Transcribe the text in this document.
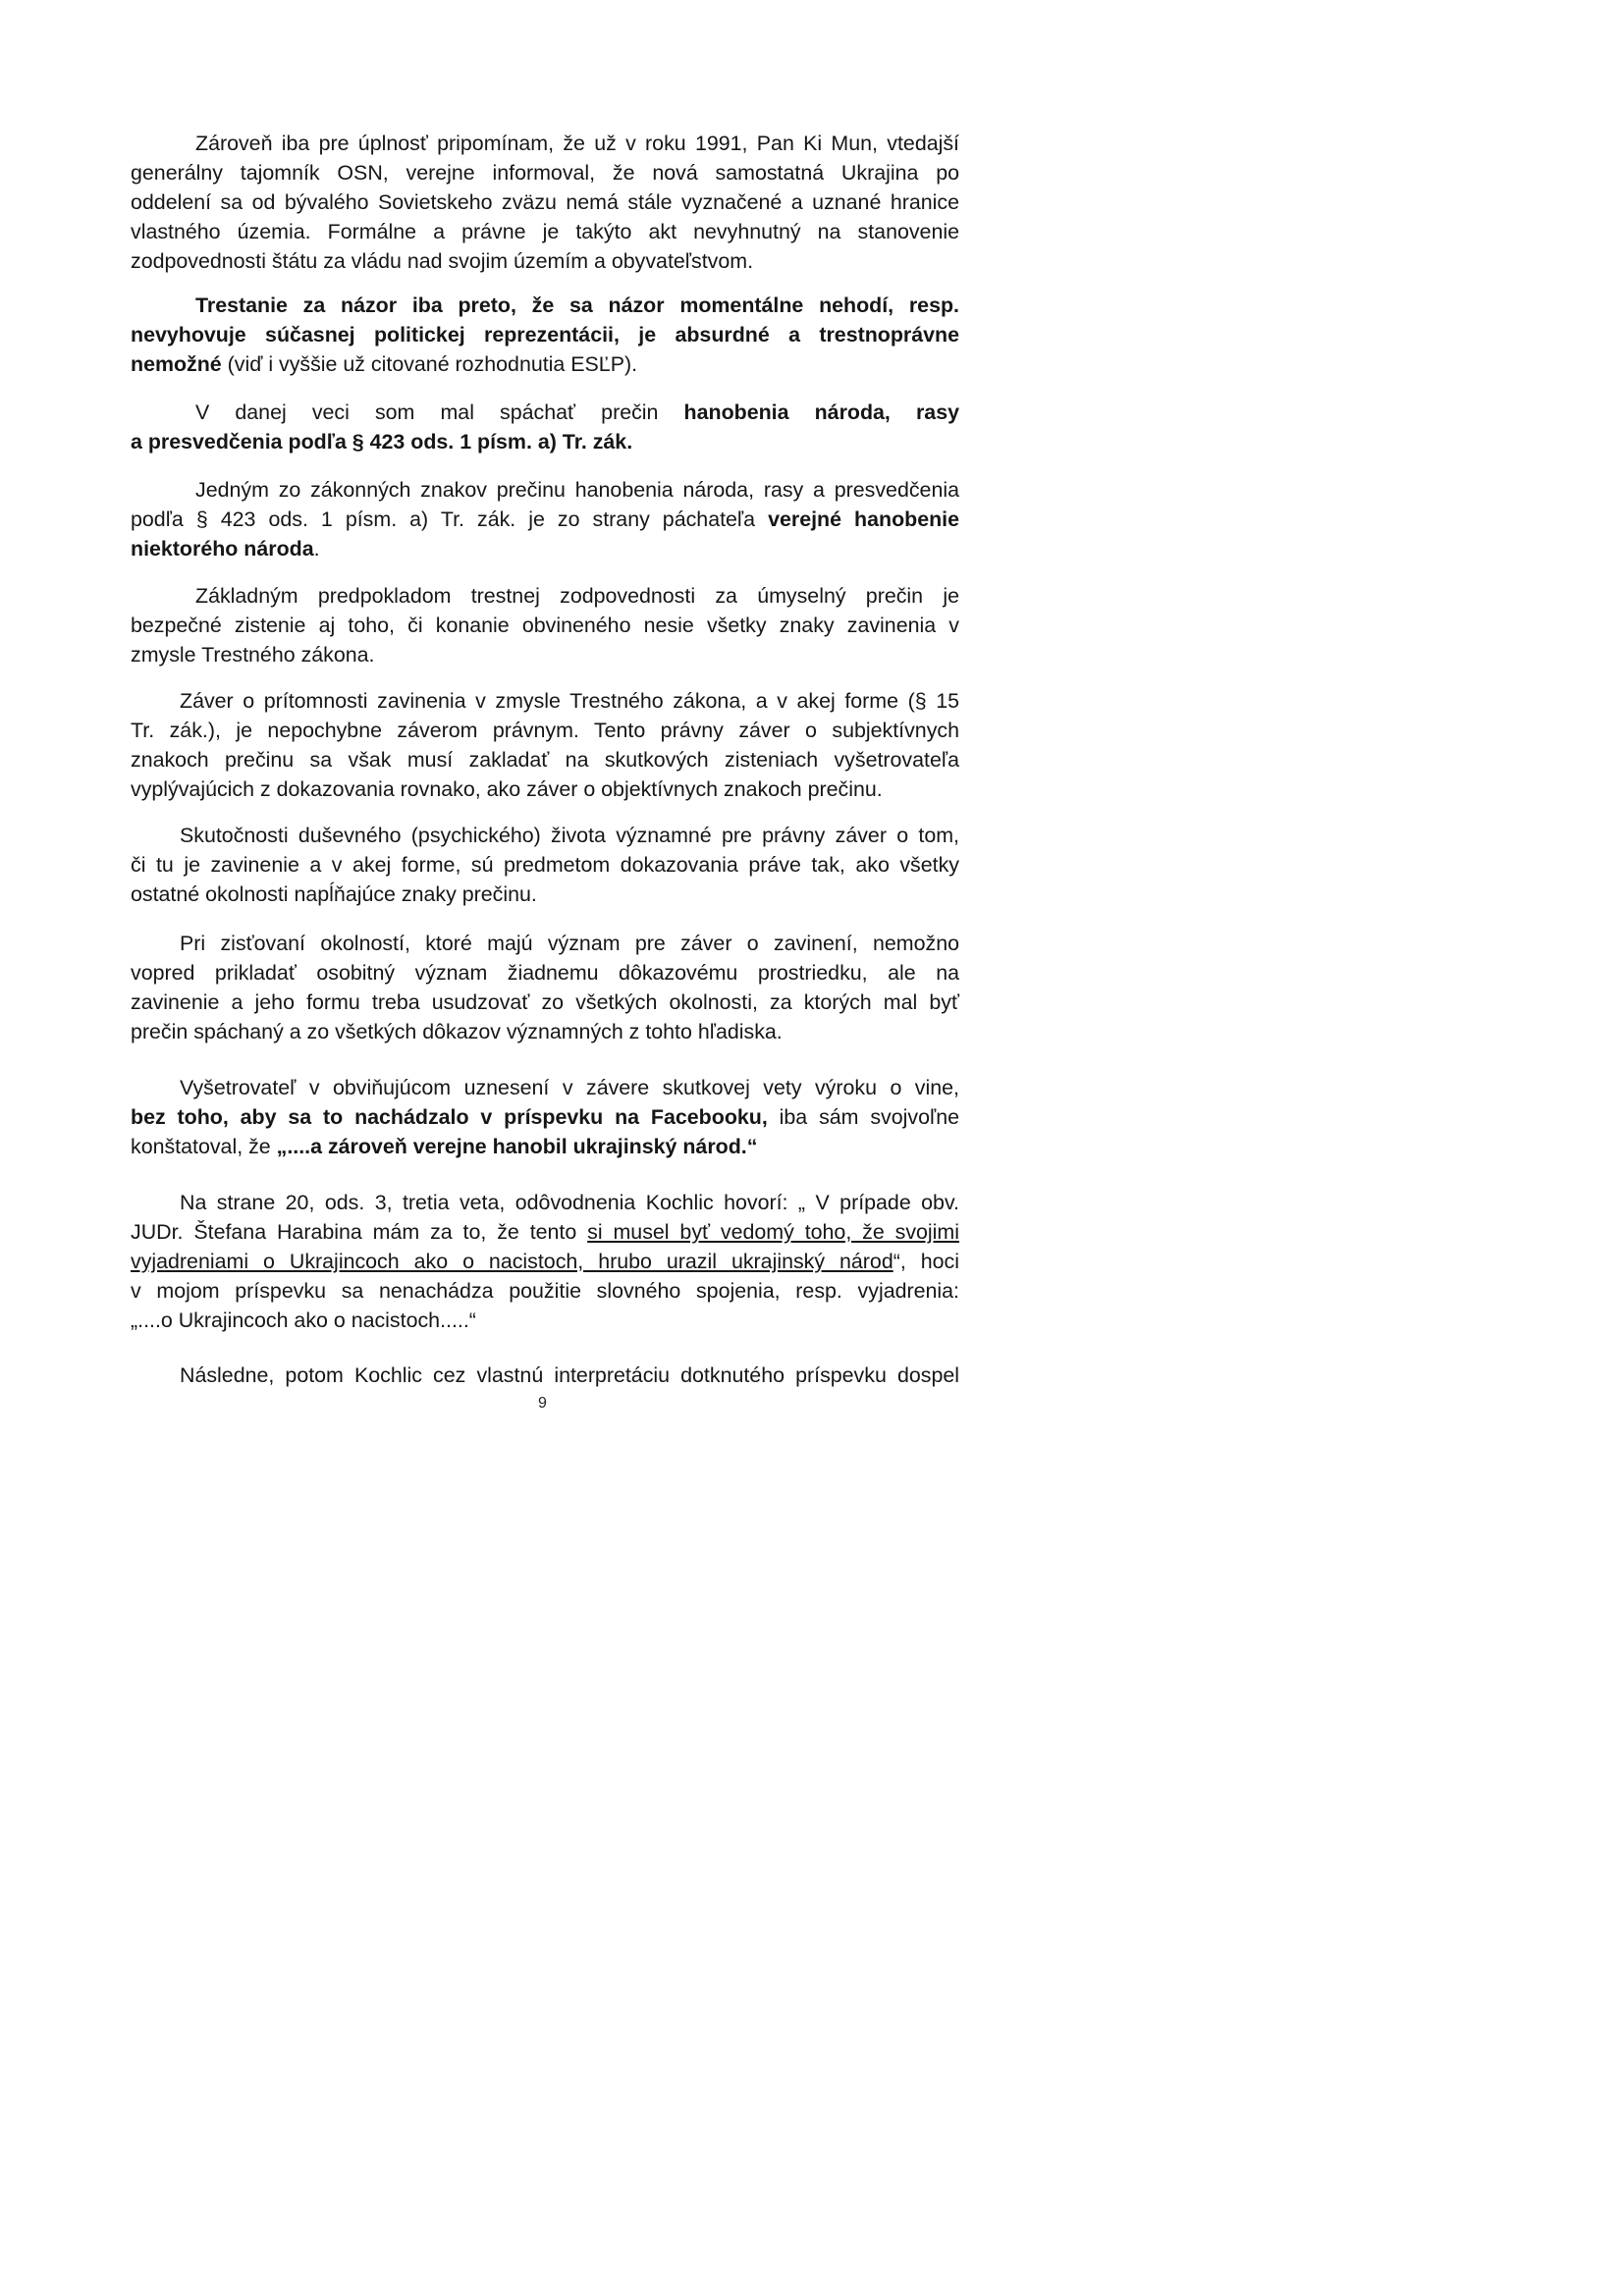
Zároveň iba pre úplnosť pripomínam, že už v roku 1991, Pan Ki Mun, vtedajší
generálny tajomník OSN, verejne informoval, že nová samostatná Ukrajina po
oddelení sa od bývalého Sovietskeho zväzu nemá stále vyznačené a uznané hranice
vlastného územia. Formálne a právne je takýto akt nevyhnutný na stanovenie
zodpovednosti štátu za vládu nad svojim územím a obyvateľstvom.
Trestanie za názor iba preto, že sa názor momentálne nehodí, resp.
nevyhovuje súčasnej politickej reprezentácii, je absurdné a trestnoprávne
nemožné (viď i vyššie už citované rozhodnutia ESĽP).
V danej veci som mal spáchať prečin hanobenia národa, rasy
a presvedčenia podľa § 423 ods. 1 písm. a) Tr. zák.
Jedným zo zákonných znakov prečinu hanobenia národa, rasy a presvedčenia
podľa § 423 ods. 1 písm. a) Tr. zák. je zo strany páchateľa verejné hanobenie
niektorého národa.
Základným predpokladom trestnej zodpovednosti za úmyselný prečin je
bezpečné zistenie aj toho, či konanie obvineného nesie všetky znaky zavinenia v
zmysle Trestného zákona.
Záver o prítomnosti zavinenia v zmysle Trestného zákona, a v akej forme (§ 15
Tr. zák.), je nepochybne záverom právnym. Tento právny záver o subjektívnych
znakoch prečinu sa však musí zakladať na skutkových zisteniach vyšetrovateľa
vyplývajúcich z dokazovania rovnako, ako záver o objektívnych znakoch prečinu.
Skutočnosti duševného (psychického) života významné pre právny záver o tom,
či tu je zavinenie a v akej forme, sú predmetom dokazovania práve tak, ako všetky
ostatné okolnosti napĺňajúce znaky prečinu.
Pri zisťovaní okolností, ktoré majú význam pre záver o zavinení, nemožno
vopred prikladať osobitný význam žiadnemu dôkazovému prostriedku, ale na
zavinenie a jeho formu treba usudzovať zo všetkých okolnosti, za ktorých mal byť
prečin spáchaný a zo všetkých dôkazov významných z tohto hľadiska.
Vyšetrovateľ v obviňujúcom uznesení v závere skutkovej vety výroku o vine,
bez toho, aby sa to nachádzalo v príspevku na Facebooku, iba sám svojvoľne
konštatoval, že „....a zároveň verejne hanobil ukrajinský národ.“
Na strane 20, ods. 3, tretia veta, odôvodnenia Kochlic hovorí: „ V prípade obv.
JUDr. Štefana Harabina mám za to, že tento si musel byť vedomý toho, že svojimi
vyjadreniami o Ukrajincoch ako o nacistoch, hrubo urazil ukrajinský národ“, hoci
v mojom príspevku sa nenachádza použitie slovného spojenia, resp. vyjadrenia:
„....o Ukrajincoch ako o nacistoch.....“
Následne, potom Kochlic cez vlastnú interpretáciu dotknutého príspevku dospel
9
